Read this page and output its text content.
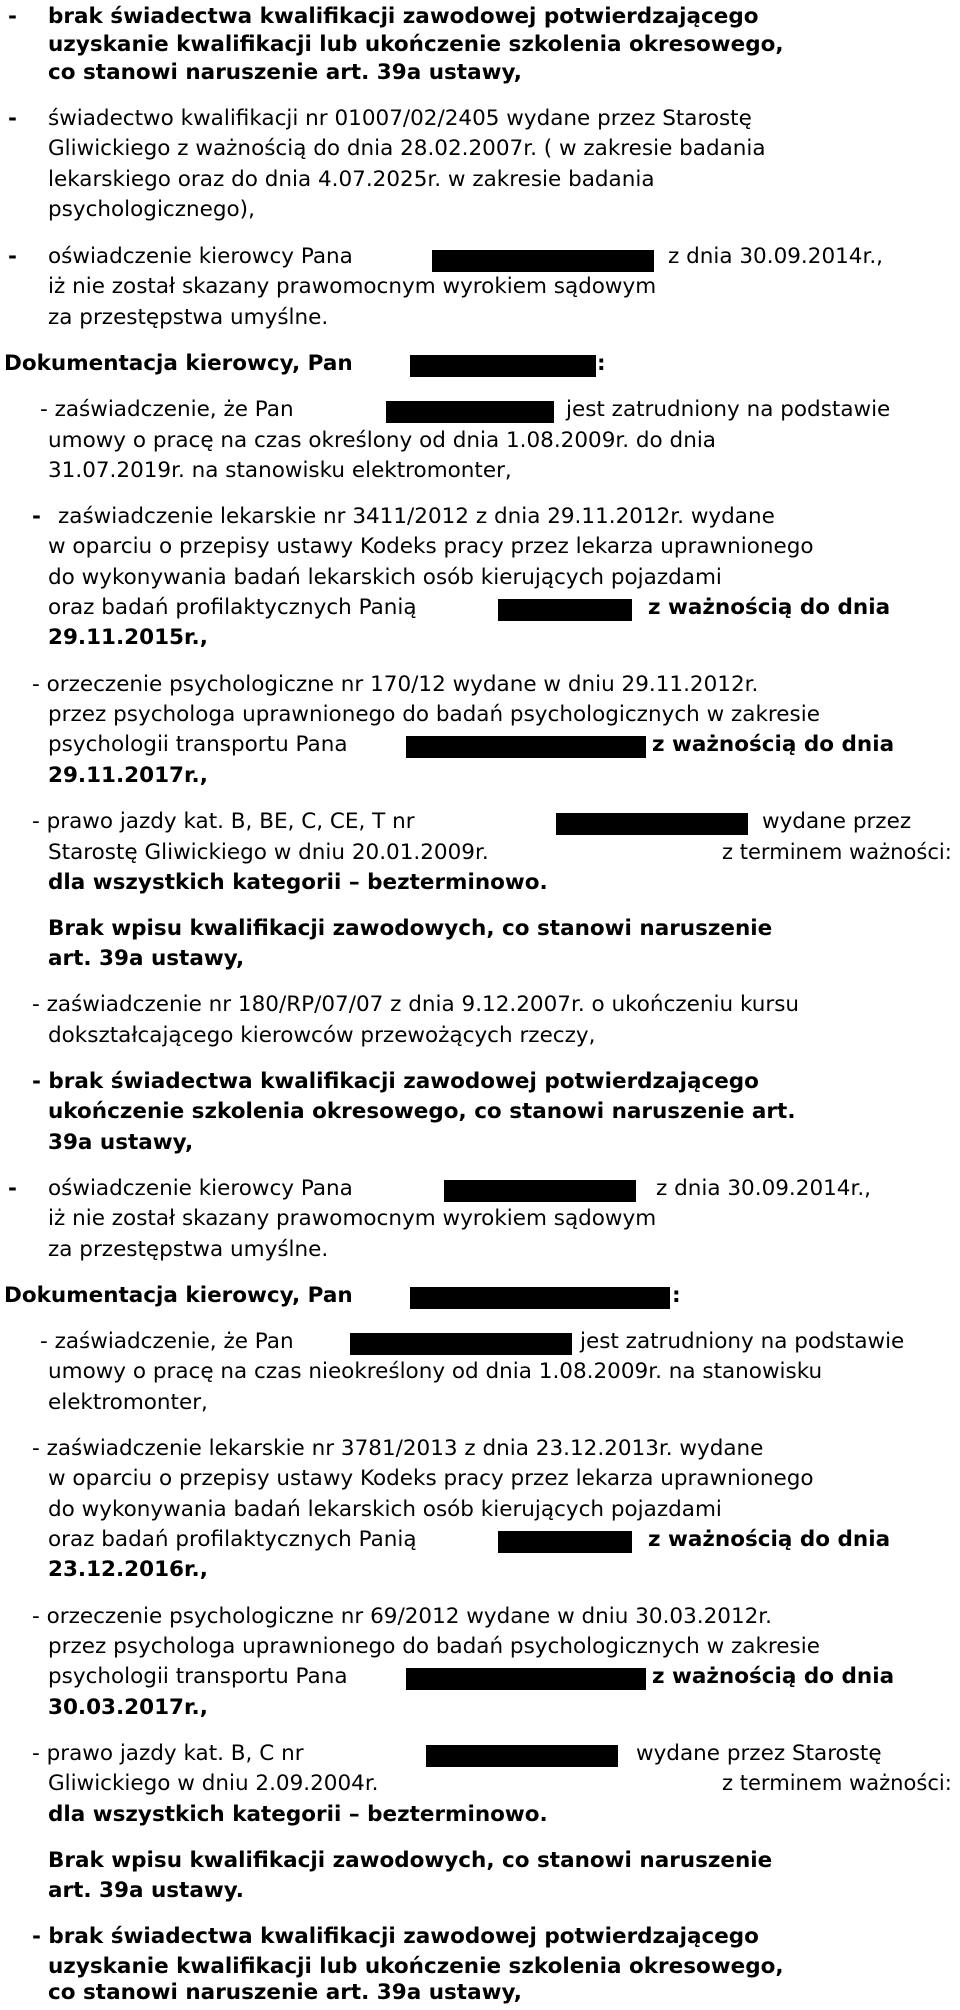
- brak świadectwa kwalifikacji zawodowej potwierdzającego
uzyskanie kwalifikacji lub ukończenie szkolenia okresowego,
co stanowi naruszenie art. 39a ustawy,
- świadectwo kwalifikacji nr 01007/02/2405 wydane przez Starostę
Gliwickiego z ważnością do dnia 28.02.2007r. ( w zakresie badania
lekarskiego oraz do dnia 4.07.2025r. w zakresie badania
psychologicznego),
- oświadczenie kierowcy Pana	z dnia 30.09.2014r.,
iż nie został skazany prawomocnym wyrokiem sądowym
za przestępstwa umyślne.
Dokumentacja kierowcy, Pan	:
- zaświadczenie, że Pan	jest zatrudniony na podstawie
umowy o pracę na czas określony od dnia 1.08.2009r. do dnia
31.07.2019r. na stanowisku elektromonter,
- zaświadczenie lekarskie nr 3411/2012 z dnia 29.11.2012r. wydane
w oparciu o przepisy ustawy Kodeks pracy przez lekarza uprawnionego
do wykonywania badań lekarskich osób kierujących pojazdami
oraz badań profilaktycznych Panią	z ważnością do dnia
29.11.2015r.,
- orzeczenie psychologiczne nr 170/12 wydane w dniu 29.11.2012r.
przez psychologa uprawnionego do badań psychologicznych w zakresie
psychologii transportu Pana	z ważnością do dnia
29.11.2017r.,
- prawo jazdy kat. B, BE, C, CE, T nr	wydane przez
Starostę Gliwickiego w dniu 20.01.2009r.	z terminem ważności:
dla wszystkich kategorii – bezterminowo.
Brak wpisu kwalifikacji zawodowych, co stanowi naruszenie
art. 39a ustawy,
- zaświadczenie nr 180/RP/07/07 z dnia 9.12.2007r. o ukończeniu kursu
dokształcającego kierowców przewożących rzeczy,
- brak świadectwa kwalifikacji zawodowej potwierdzającego
ukończenie szkolenia okresowego, co stanowi naruszenie art.
39a ustawy,
- oświadczenie kierowcy Pana	z dnia 30.09.2014r.,
iż nie został skazany prawomocnym wyrokiem sądowym
za przestępstwa umyślne.
Dokumentacja kierowcy, Pan	:
- zaświadczenie, że Pan	jest zatrudniony na podstawie
umowy o pracę na czas nieokreślony od dnia 1.08.2009r. na stanowisku
elektromonter,
- zaświadczenie lekarskie nr 3781/2013 z dnia 23.12.2013r. wydane
w oparciu o przepisy ustawy Kodeks pracy przez lekarza uprawnionego
do wykonywania badań lekarskich osób kierujących pojazdami
oraz badań profilaktycznych Panią	z ważnością do dnia
23.12.2016r.,
- orzeczenie psychologiczne nr 69/2012 wydane w dniu 30.03.2012r.
przez psychologa uprawnionego do badań psychologicznych w zakresie
psychologii transportu Pana	z ważnością do dnia
30.03.2017r.,
- prawo jazdy kat. B, C nr	wydane przez Starostę
Gliwickiego w dniu 2.09.2004r.	z terminem ważności:
dla wszystkich kategorii – bezterminowo.
Brak wpisu kwalifikacji zawodowych, co stanowi naruszenie
art. 39a ustawy.
- brak świadectwa kwalifikacji zawodowej potwierdzającego
uzyskanie kwalifikacji lub ukończenie szkolenia okresowego,
co stanowi naruszenie art. 39a ustawy,
